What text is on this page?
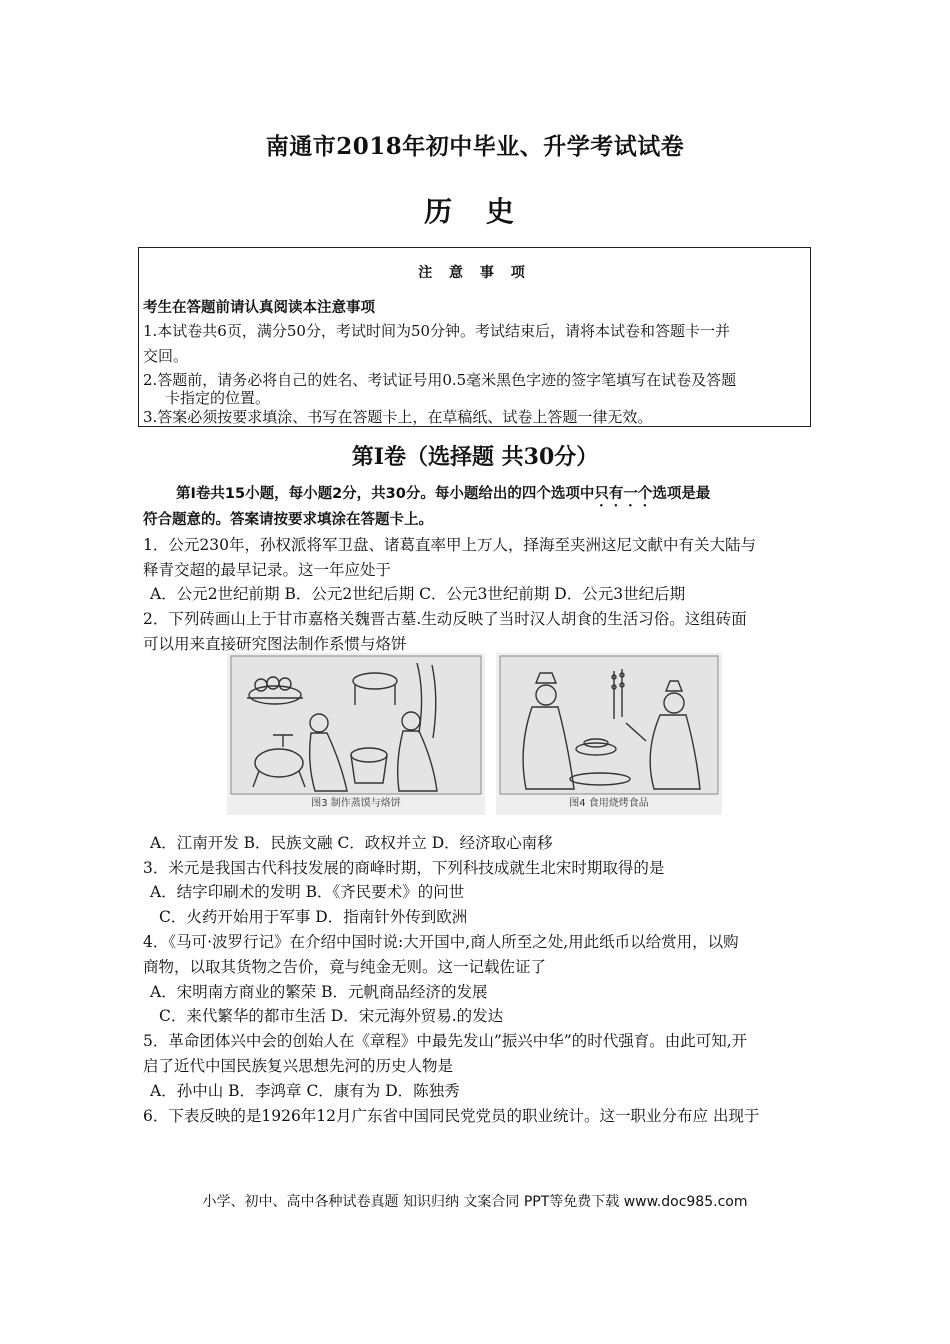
南通市2018年初中毕业、升学考试试卷
历 史
注 意 事 项
考生在答题前请认真阅读本注意事项
1.本试卷共6页，满分50分，考试时间为50分钟。考试结束后，请将本试卷和答题卡一并
交回。
2.答题前，请务必将自己的姓名、考试证号用0.5毫米黑色字迹的签字笔填写在试卷及答题
卡指定的位置。
3.答案必须按要求填涂、书写在答题卡上，在草稿纸、试卷上答题一律无效。
第Ⅰ卷（选择题 共30分）
第Ⅰ卷共15小题，每小题2分，共30分。每小题给出的四个选项中只有一个选项是最
符合题意的。答案请按要求填涂在答题卡上。
1．公元230年，孙权派将军卫盘、诸葛直率甲上万人，择海至夹洲这尼文献中有关大陆与
释青交超的最早记录。这一年应处于
A．公元2世纪前期 B．公元2世纪后期 C．公元3世纪前期 D．公元3世纪后期
2．下列砖画山上于甘市嘉格关魏晋古墓.生动反映了当时汉人胡食的生活习俗。这组砖面
可以用来直接研究图法制作系惯与烙饼
图3 制作蒸馍与烙饼	图4 食用烧烤食品
A．江南开发 B．民族文融 C．政权并立 D．经济取心南移
3．米元是我国古代科技发展的商峰时期，下列科技成就生北宋时期取得的是
A．结字印刷术的发明 B．《齐民要术》的问世
C．火药开始用于军事 D．指南针外传到欧洲
4．《马可·波罗行记》在介绍中国时说:大开国中,商人所至之处,用此纸币以给赏用，以购
商物，以取其货物之告价，竟与纯金无则。这一记载佐证了
A．宋明南方商业的繁荣 B．元帆商品经济的发展
C．来代繁华的都市生活 D．宋元海外贸易.的发达
5．革命团体兴中会的创始人在《章程》中最先发山”振兴中华”的时代强育。由此可知,开
启了近代中国民族复兴思想先河的历史人物是
A．孙中山 B．李鸿章 C．康有为 D．陈独秀
6．下表反映的是1926年12月广东省中国同民党党员的职业统计。这一职业分布应 出现于
小学、初中、高中各种试卷真题 知识归纳 文案合同 PPT等免费下载 www.doc985.com
